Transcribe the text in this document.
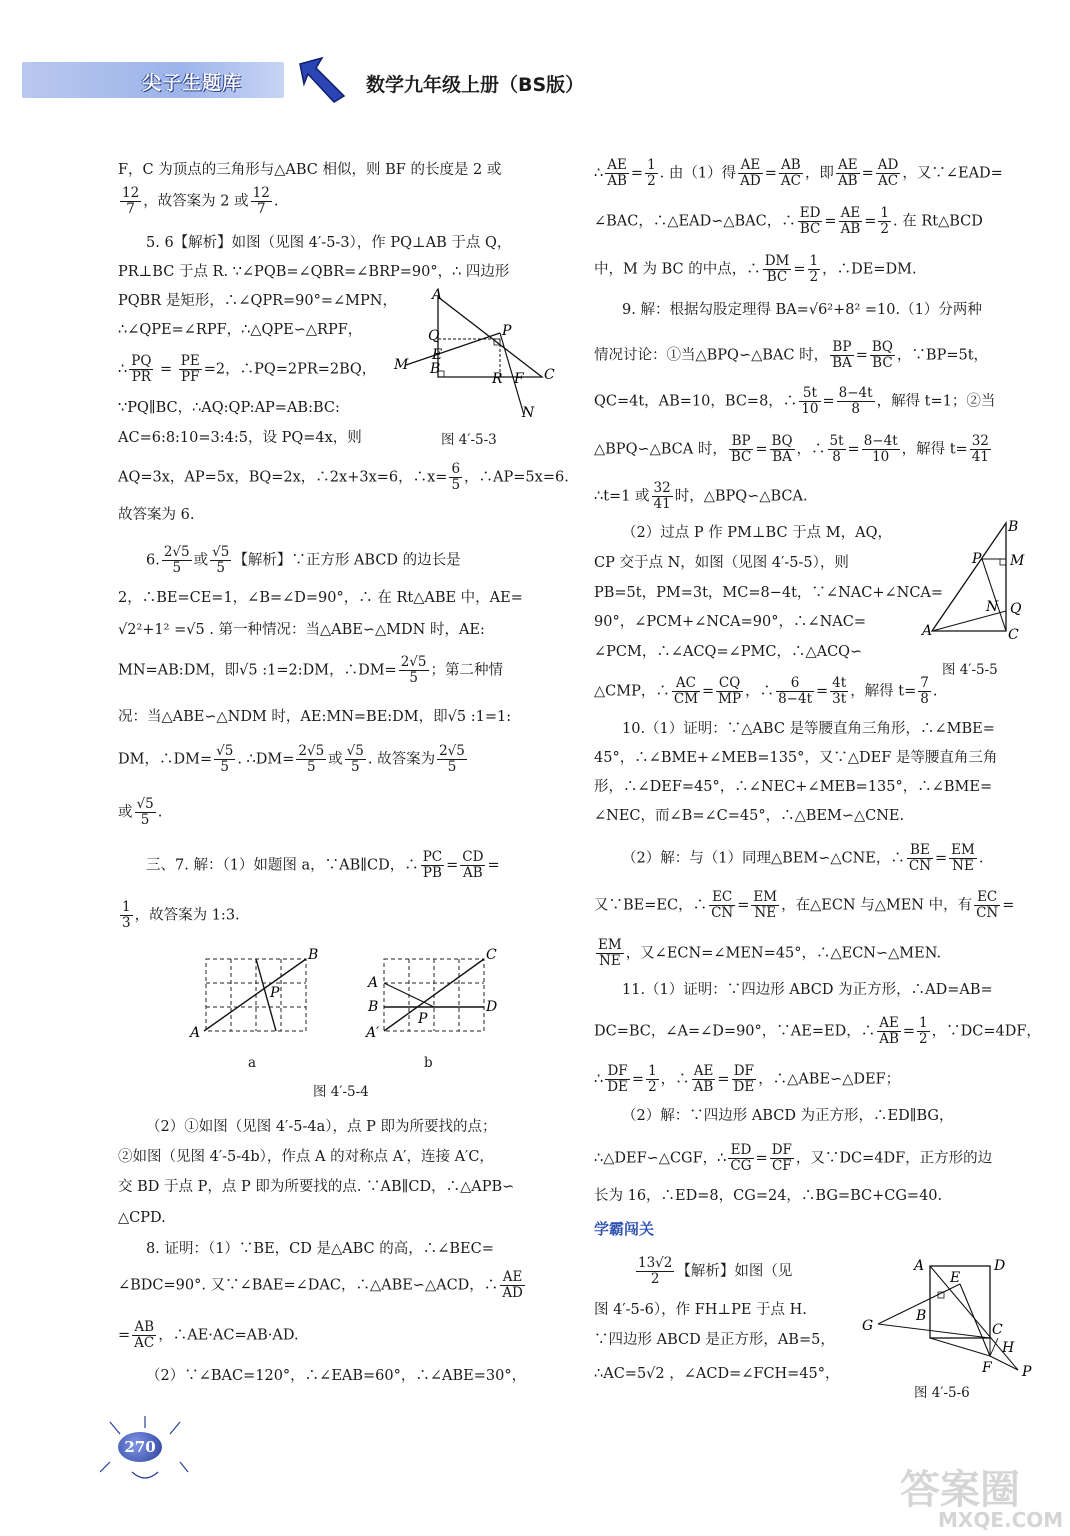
尖子生题库	数学九年级上册（BS版）
F，C 为顶点的三角形与△ABC 相似，则 BF 的长度是 2 或
$\frac{12}{7}$ ，故答案为 2 或 $\frac{12}{7}$ .
5. 6【解析】如图（见图 4′-5-3），作 PQ⊥AB 于点 Q，
PR⊥BC 于点 R. ∵∠PQB=∠QBR=∠BRP=90°，∴ 四边形
PQBR 是矩形，∴∠QPR=90°=∠MPN，
∴∠QPE=∠RPF，∴△QPE∽△RPF，
∴ $\frac{PQ}{PR} = \frac{PE}{PF} =2$，∴PQ=2PR=2BQ，
∵PQ∥BC，∴AQ:QP:AP=AB:BC:
AC=6:8:10=3:4:5，设 PQ=4x，则
AQ=3x，AP=5x，BQ=2x，∴2x+3x=6，∴x= $\frac{6}{5}$ ，∴AP=5x=6.
故答案为 6.
A
Q	P
M
E
B
R F C
N
图 4′-5-3
6. $\frac{2√5}{5}$ 或 $\frac{√5}{5}$ 【解析】∵正方形 ABCD 的边长是
2，∴BE=CE=1，∠B=∠D=90°，∴ 在 Rt△ABE 中，AE=
√2²+1² =√5 . 第一种情况：当△ABE∽△MDN 时，AE:
MN=AB:DM，即√5 :1=2:DM，∴DM= $\frac{2√5}{5}$ ；第二种情
况：当△ABE∽△NDM 时，AE:MN=BE:DM，即√5 :1=1:
DM，∴DM= $\frac{√5}{5}$ . ∴DM= $\frac{2√5}{5}$ 或 $\frac{√5}{5}$ . 故答案为 $\frac{2√5}{5}$
或 $\frac{√5}{5}$ .
三、7. 解：（1）如题图 a，∵AB∥CD，∴ $\frac{PC}{PB} = \frac{CD}{AB}$ =
$\frac{1}{3}$ ，故答案为 1:3.
A
B
P
a
A
B
A′
C
D
P
b
图 4′-5-4
（2）①如图（见图 4′-5-4a），点 P 即为所要找的点；
②如图（见图 4′-5-4b），作点 A 的对称点 A′，连接 A′C，
交 BD 于点 P，点 P 即为所要找的点. ∵AB∥CD，∴△APB∽
△CPD.
8. 证明：（1）∵BE，CD 是△ABC 的高，∴∠BEC=
∠BDC=90°. 又∵∠BAE=∠DAC，∴△ABE∽△ACD，∴ $\frac{AE}{AD}$
= $\frac{AB}{AC}$ ，∴AE·AC=AB·AD.
（2）∵∠BAC=120°，∴∠EAB=60°，∴∠ABE=30°，
∴ $\frac{AE}{AB} = \frac{1}{2}$ . 由（1）得 $\frac{AE}{AD} = \frac{AB}{AC}$ ，即 $\frac{AE}{AB} = \frac{AD}{AC}$ ，又∵∠EAD=
∠BAC，∴△EAD∽△BAC，∴ $\frac{ED}{BC} = \frac{AE}{AB} = \frac{1}{2}$ . 在 Rt△BCD
中，M 为 BC 的中点，∴ $\frac{DM}{BC} = \frac{1}{2}$ ，∴DE=DM.
9. 解：根据勾股定理得 BA=√6²+8² =10.（1）分两种
情况讨论：①当△BPQ∽△BAC 时， $\frac{BP}{BA} = \frac{BQ}{BC}$ ，∵BP=5t，
QC=4t，AB=10，BC=8，∴ $\frac{5t}{10} = \frac{8-4t}{8}$ ，解得 t=1；②当
△BPQ∽△BCA 时， $\frac{BP}{BC} = \frac{BQ}{BA}$ ，∴ $\frac{5t}{8} = \frac{8-4t}{10}$ ，解得 $t= \frac{32}{41}$
∴t=1 或 $\frac{32}{41}$ 时，△BPQ∽△BCA.
（2）过点 P 作 PM⊥BC 于点 M，AQ，
CP 交于点 N，如图（见图 4′-5-5），则
PB=5t，PM=3t，MC=8−4t，∵∠NAC+∠NCA=
90°，∠PCM+∠NCA=90°，∴∠NAC=
∠PCM，∴∠ACQ=∠PMC，∴△ACQ∽
△CMP，∴ $\frac{AC}{CM} = \frac{CQ}{MP}$ ，∴ $\frac{6}{8-4t} = \frac{4t}{3t}$ ，解得 $t= \frac{7}{8}$ .
B
P M
N Q
A	C
图 4′-5-5
10.（1）证明：∵△ABC 是等腰直角三角形，∴∠MBE=
45°，∴∠BME+∠MEB=135°，又∵△DEF 是等腰直角三角
形，∴∠DEF=45°，∴∠NEC+∠MEB=135°，∴∠BME=
∠NEC，而∠B=∠C=45°，∴△BEM∽△CNE.
（2）解：与（1）同理△BEM∽△CNE，∴ $\frac{BE}{CN} = \frac{EM}{NE}$ .
又∵BE=EC，∴ $\frac{EC}{CN} = \frac{EM}{NE}$ ，在△ECN 与△MEN 中，有 $\frac{EC}{CN}$ =
$\frac{EM}{NE}$ ，又∠ECN=∠MEN=45°，∴△ECN∽△MEN.
11.（1）证明：∵四边形 ABCD 为正方形，∴AD=AB=
DC=BC，∠A=∠D=90°，∵AE=ED，∴ $\frac{AE}{AB} = \frac{1}{2}$ ，∵DC=4DF，
∴ $\frac{DF}{DE} = \frac{1}{2}$ ，∴ $\frac{AE}{AB} = \frac{DF}{DE}$ ，∴△ABE∽△DEF；
（2）解：∵四边形 ABCD 为正方形，∴ED∥BG，
∴△DEF∽△CGF，∴ $\frac{ED}{CG} = \frac{DF}{CF}$ ，又∵DC=4DF，正方形的边
长为 16，∴ED=8，CG=24，∴BG=BC+CG=40.
学霸闯关
$\frac{13√2}{2}$ 【解析】如图（见
图 4′-5-6），作 FH⊥PE 于点 H.
∵四边形 ABCD 是正方形，AB=5，
∴AC=5√2 ，∠ACD=∠FCH=45°，
A	D
E
B
G	C
H
F P
图 4′-5-6
270
答案圈
MXQE.COM
